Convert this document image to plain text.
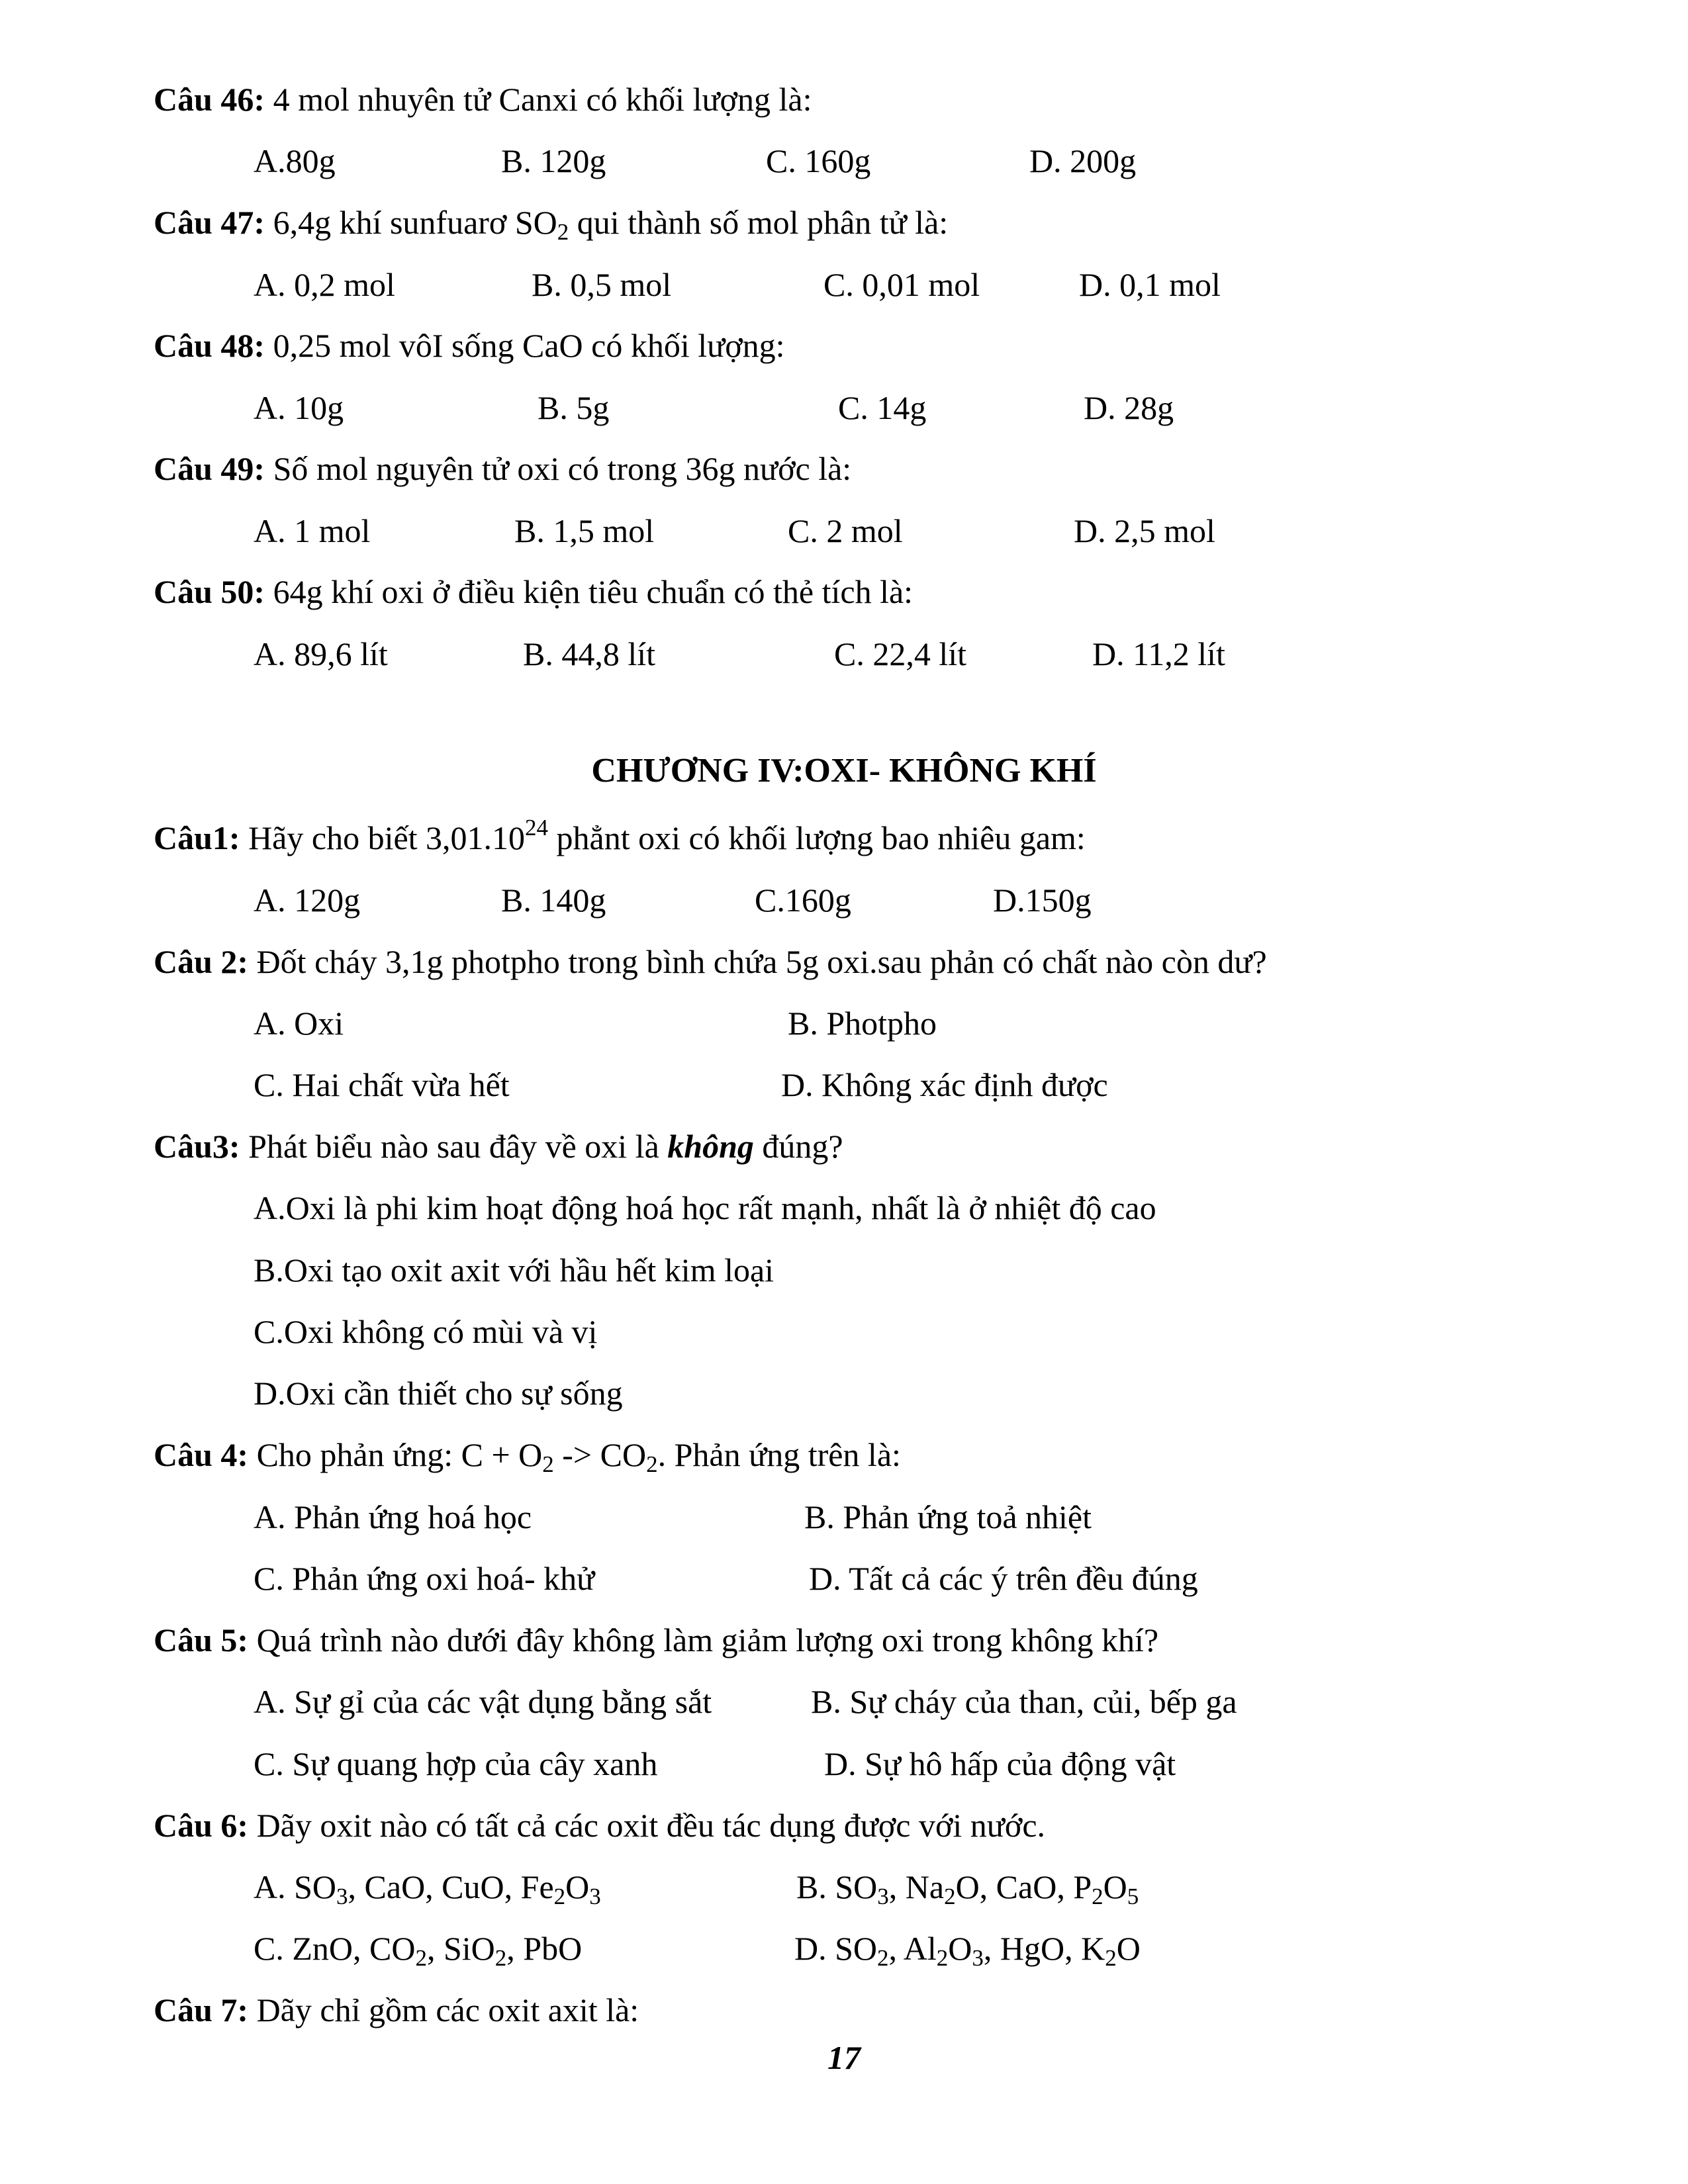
Câu 46: 4 mol nhuyên tử Canxi có khối lượng là:
A.80g	B. 120g	C. 160g	D. 200g
Câu 47: 6,4g khí sunfuarơ $SO_2$ qui thành số mol phân tử là:
A. 0,2 mol	B. 0,5 mol	C. 0,01 mol	D. 0,1 mol
Câu 48: 0,25 mol vôI sống CaO có khối lượng:
A. 10g	B. 5g	C. 14g	D. 28g
Câu 49: Số mol nguyên tử oxi có trong 36g nước là:
A. 1 mol	B. 1,5 mol	C. 2 mol	D. 2,5 mol
Câu 50: 64g khí oxi ở điều kiện tiêu chuẩn có thẻ tích là:
A. 89,6 lít	B. 44,8 lít	C. 22,4 lít	D. 11,2 lít
CHƯƠNG IV:OXI- KHÔNG KHÍ
Câu1: Hãy cho biết 3,01.10$^{24}$ phẳnt oxi có khối lượng bao nhiêu gam:
A. 120g	B. 140g	C.160g	D.150g
Câu 2: Đốt cháy 3,1g photpho trong bình chứa 5g oxi.sau phản có chất nào còn dư?
A. Oxi	B. Photpho
C. Hai chất vừa hết	D. Không xác định được
Câu3: Phát biểu nào sau đây về oxi là không đúng?
A.Oxi là phi kim hoạt động hoá học rất mạnh, nhất là ở nhiệt độ cao
B.Oxi tạo oxit axit với hầu hết kim loại
C.Oxi không có mùi và vị
D.Oxi cần thiết cho sự sống
Câu 4: Cho phản ứng: $C + O_2 -> CO_2$. Phản ứng trên là:
A. Phản ứng hoá học	B. Phản ứng toả nhiệt
C. Phản ứng oxi hoá- khử	D. Tất cả các ý trên đều đúng
Câu 5: Quá trình nào dưới đây không làm giảm lượng oxi trong không khí?
A. Sự gỉ của các vật dụng bằng sắt	B. Sự cháy của than, củi, bếp ga
C. Sự quang hợp của cây xanh	D. Sự hô hấp của động vật
Câu 6: Dãy oxit nào có tất cả các oxit đều tác dụng được với nước.
A. $SO_3$, CaO, CuO, $Fe_2O_3$	B. $SO_3$, $Na_2O$, CaO, $P_2O_5$
C. ZnO, $CO_2$, SiO$_2$, PbO	D. $SO_2$, $Al_2O_3$, HgO, $K_2O$
Câu 7: Dãy chỉ gồm các oxit axit là:
17
